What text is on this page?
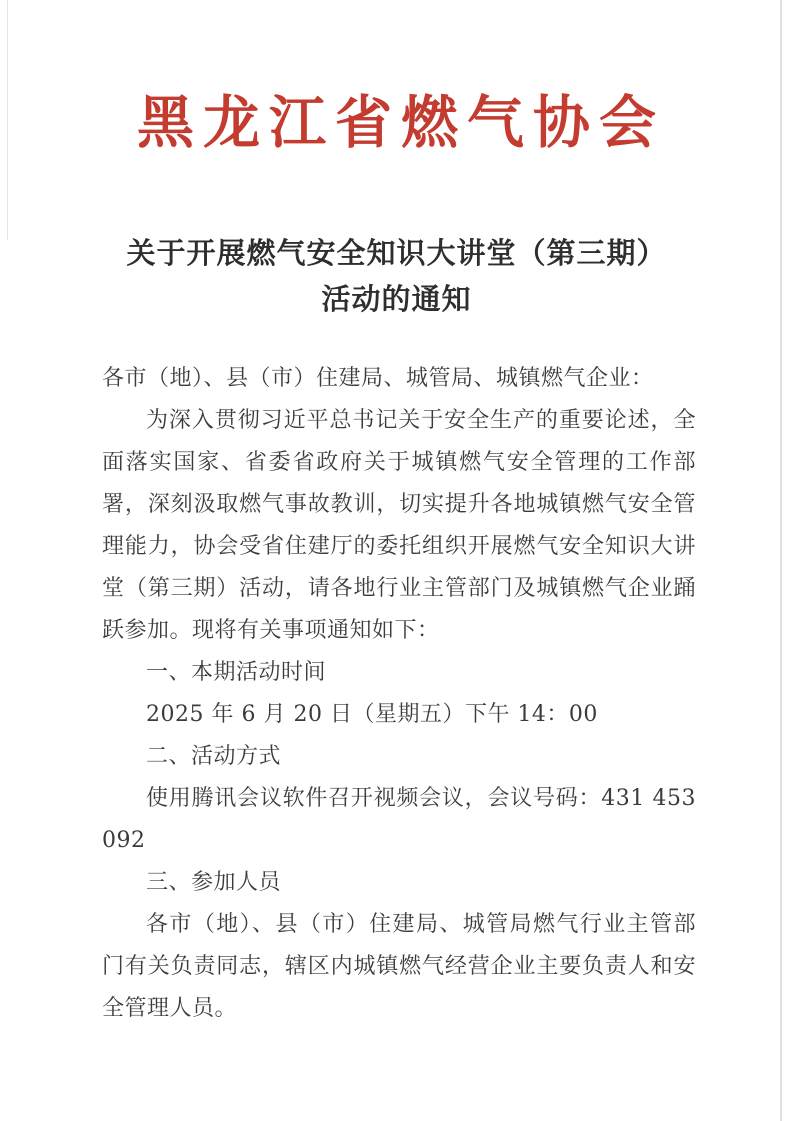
黑龙江省燃气协会
关于开展燃气安全知识大讲堂（第三期）
活动的通知

各市（地）、县（市）住建局、城管局、城镇燃气企业：

为深入贯彻习近平总书记关于安全生产的重要论述，全面落实国家、省委省政府关于城镇燃气安全管理的工作部署，深刻汲取燃气事故教训，切实提升各地城镇燃气安全管理能力，协会受省住建厅的委托组织开展燃气安全知识大讲堂（第三期）活动，请各地行业主管部门及城镇燃气企业踊跃参加。现将有关事项通知如下：

一、本期活动时间

2025 年 6 月 20 日（星期五）下午 14：00

二、活动方式

使用腾讯会议软件召开视频会议，会议号码：431 453 092

三、参加人员

各市（地）、县（市）住建局、城管局燃气行业主管部门有关负责同志，辖区内城镇燃气经营企业主要负责人和安全管理人员。
